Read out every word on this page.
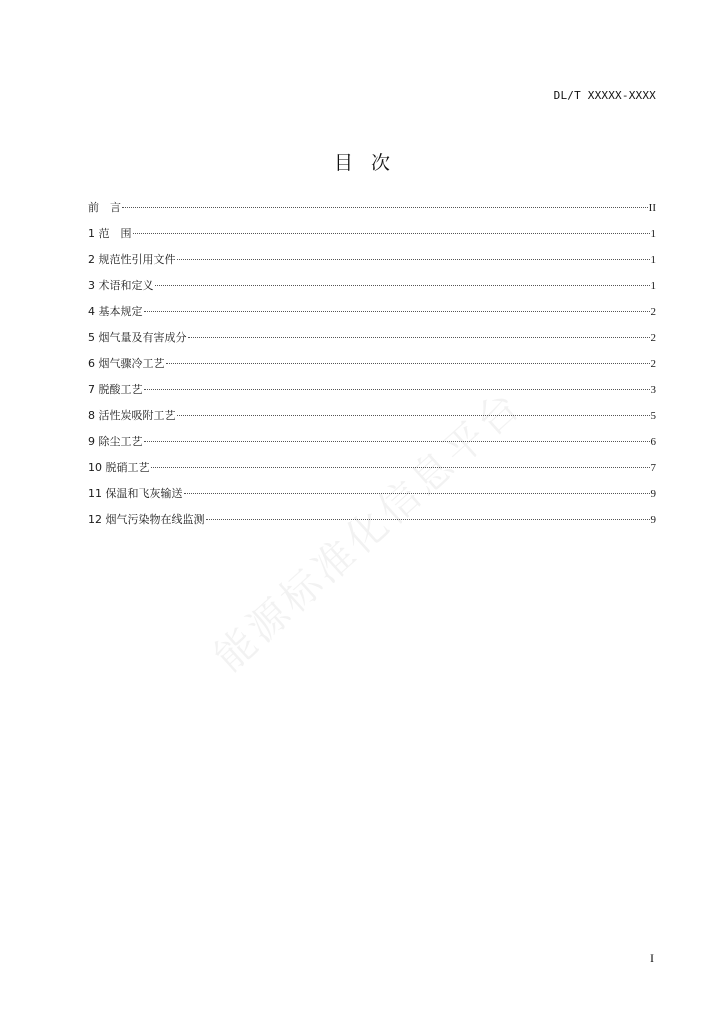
DL/T XXXXX-XXXX
目次
前　言	II
1 范　围	1
2 规范性引用文件	1
3 术语和定义	1
4 基本规定	2
5 烟气量及有害成分	2
6 烟气骤冷工艺	2
7 脱酸工艺	3
8 活性炭吸附工艺	5
9 除尘工艺	6
10 脱硝工艺	7
11 保温和飞灰输送	9
12 烟气污染物在线监测	9
能源标准化信息平台
I
